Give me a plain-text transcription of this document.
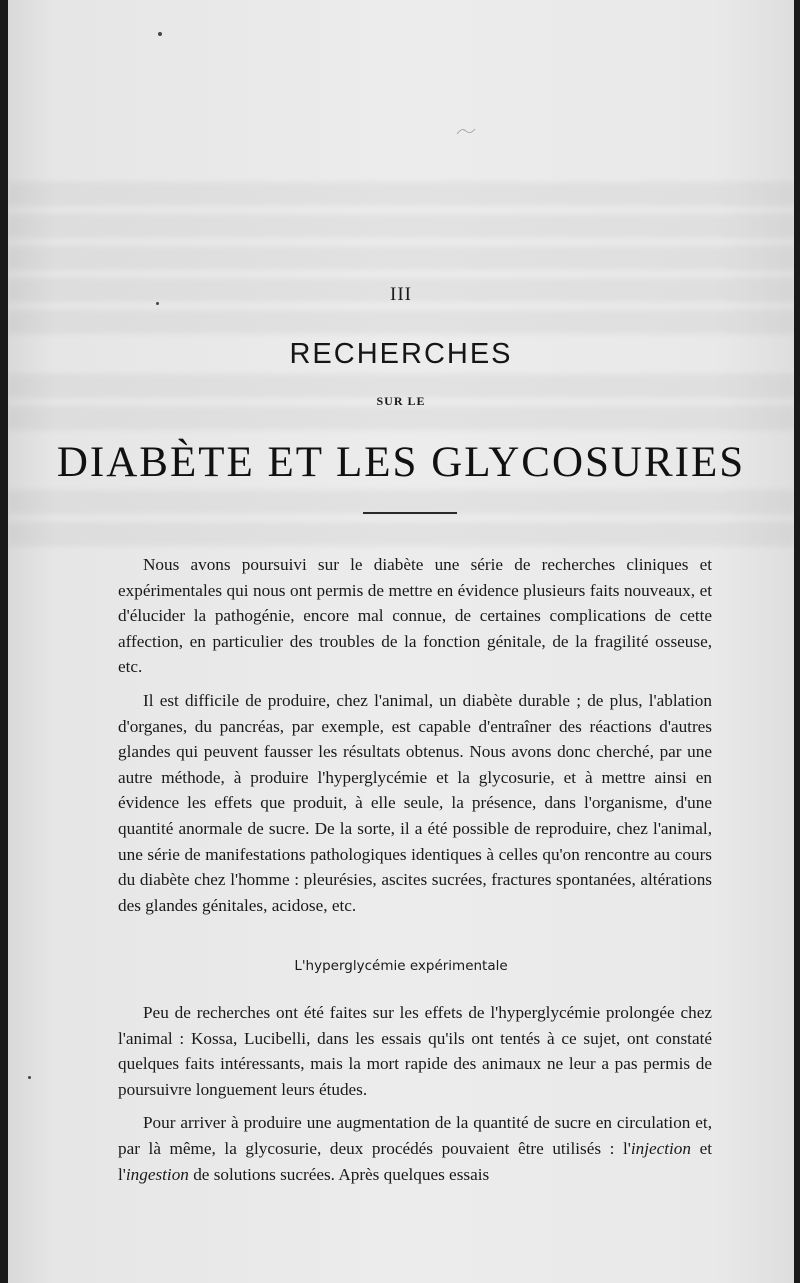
III
RECHERCHES
SUR LE
DIABÈTE ET LES GLYCOSURIES

Nous avons poursuivi sur le diabète une série de recherches cliniques et expérimentales qui nous ont permis de mettre en évidence plusieurs faits nouveaux, et d'élucider la pathogénie, encore mal connue, de certaines complications de cette affection, en particulier des troubles de la fonction génitale, de la fragilité osseuse, etc.

Il est difficile de produire, chez l'animal, un diabète durable ; de plus, l'ablation d'organes, du pancréas, par exemple, est capable d'entraîner des réactions d'autres glandes qui peuvent fausser les résultats obtenus. Nous avons donc cherché, par une autre méthode, à produire l'hyperglycémie et la glycosurie, et à mettre ainsi en évidence les effets que produit, à elle seule, la présence, dans l'organisme, d'une quantité anormale de sucre. De la sorte, il a été possible de reproduire, chez l'animal, une série de manifestations pathologiques identiques à celles qu'on rencontre au cours du diabète chez l'homme : pleurésies, ascites sucrées, fractures spontanées, altérations des glandes génitales, acidose, etc.

L'hyperglycémie expérimentale

Peu de recherches ont été faites sur les effets de l'hyperglycémie prolongée chez l'animal : Kossa, Lucibelli, dans les essais qu'ils ont tentés à ce sujet, ont constaté quelques faits intéressants, mais la mort rapide des animaux ne leur a pas permis de poursuivre longuement leurs études.

Pour arriver à produire une augmentation de la quantité de sucre en circulation et, par là même, la glycosurie, deux procédés pouvaient être utilisés : l'injection et l'ingestion de solutions sucrées. Après quelques essais
